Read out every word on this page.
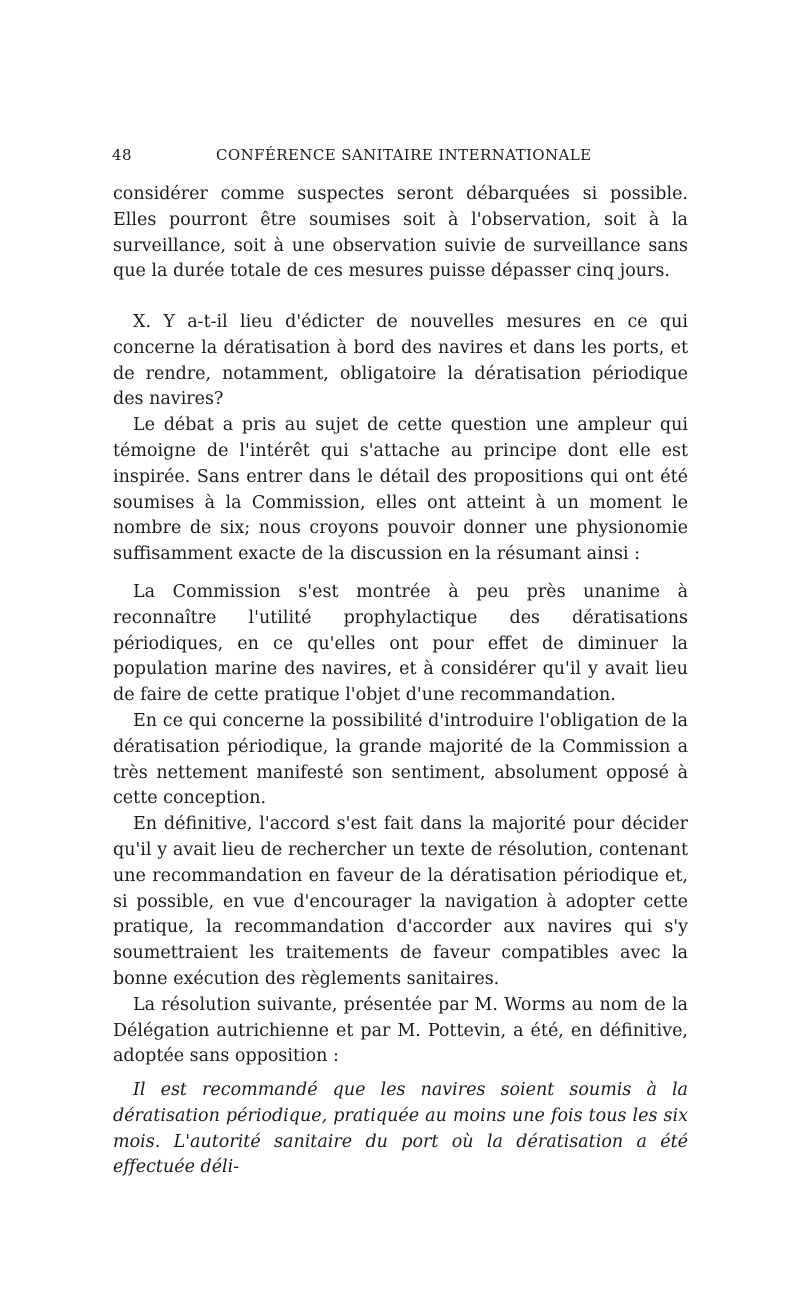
48	CONFÉRENCE SANITAIRE INTERNATIONALE

considérer comme suspectes seront débarquées si possible. Elles pourront être soumises soit à l'observation, soit à la surveillance, soit à une observation suivie de surveillance sans que la durée totale de ces mesures puisse dépasser cinq jours.

X. Y a-t-il lieu d'édicter de nouvelles mesures en ce qui concerne la dératisation à bord des navires et dans les ports, et de rendre, notamment, obligatoire la dératisation périodique des navires?

Le débat a pris au sujet de cette question une ampleur qui témoigne de l'intérêt qui s'attache au principe dont elle est inspirée. Sans entrer dans le détail des propositions qui ont été soumises à la Commission, elles ont atteint à un moment le nombre de six; nous croyons pouvoir donner une physionomie suffisamment exacte de la discussion en la résumant ainsi :

La Commission s'est montrée à peu près unanime à reconnaître l'utilité prophylactique des dératisations périodiques, en ce qu'elles ont pour effet de diminuer la population marine des navires, et à considérer qu'il y avait lieu de faire de cette pratique l'objet d'une recommandation.

En ce qui concerne la possibilité d'introduire l'obligation de la dératisation périodique, la grande majorité de la Commission a très nettement manifesté son sentiment, absolument opposé à cette conception.

En définitive, l'accord s'est fait dans la majorité pour décider qu'il y avait lieu de rechercher un texte de résolution, contenant une recommandation en faveur de la dératisation périodique et, si possible, en vue d'encourager la navigation à adopter cette pratique, la recommandation d'accorder aux navires qui s'y soumettraient les traitements de faveur compatibles avec la bonne exécution des règlements sanitaires.

La résolution suivante, présentée par M. Worms au nom de la Délégation autrichienne et par M. Pottevin, a été, en définitive, adoptée sans opposition :

Il est recommandé que les navires soient soumis à la dératisation périodique, pratiquée au moins une fois tous les six mois. L'autorité sanitaire du port où la dératisation a été effectuée déli-
